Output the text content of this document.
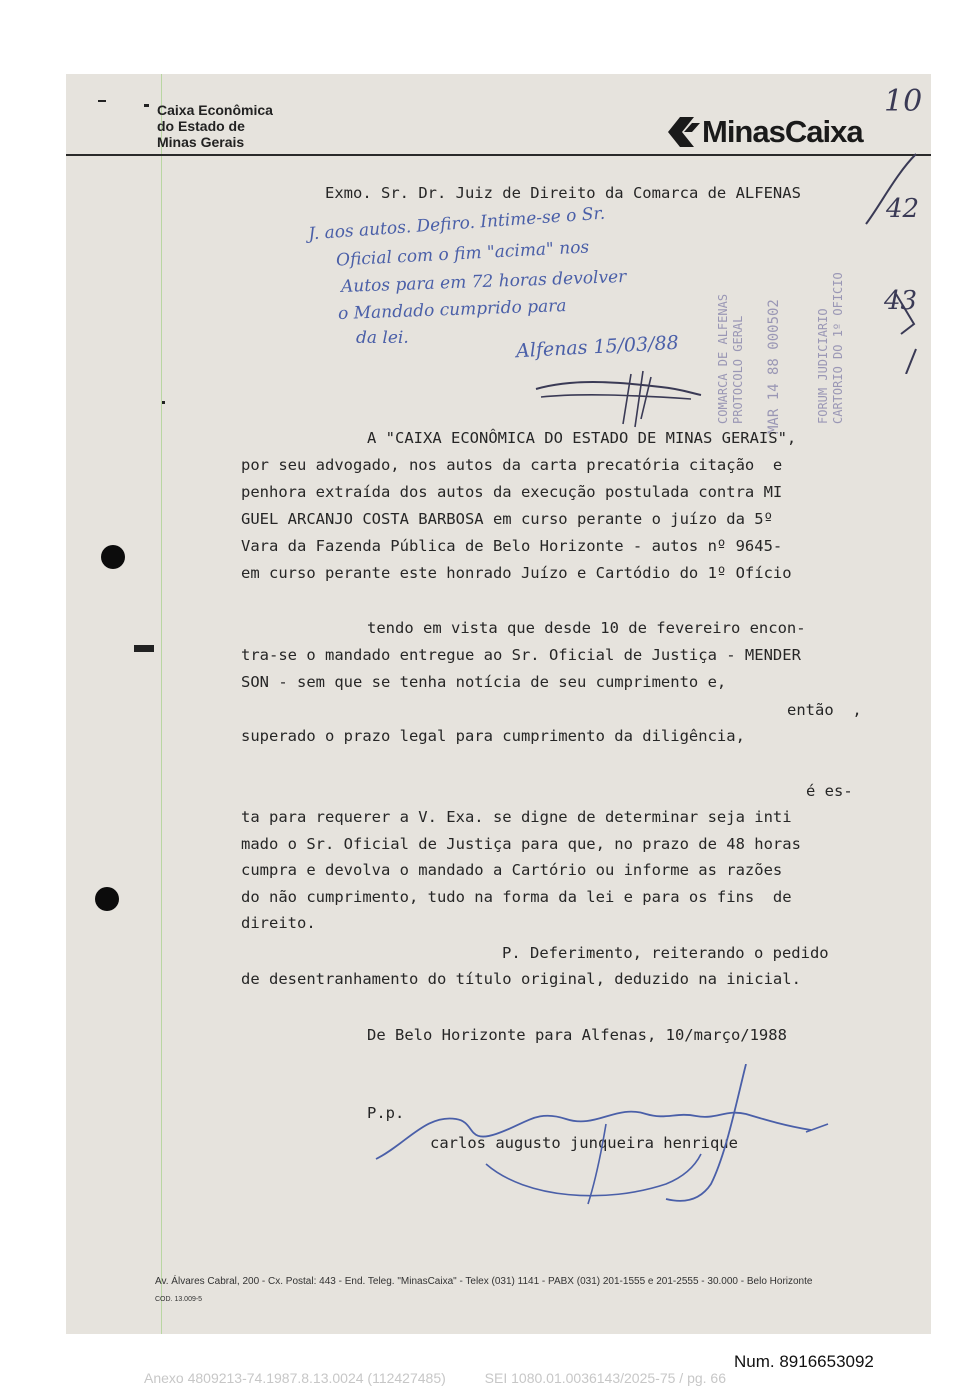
Caixa Econômica
do Estado de
Minas Gerais	MinasCaixa
Exmo. Sr. Dr. Juiz de Direito da Comarca de ALFENAS
J. aos autos. Defiro. Intime-se o Sr.
Oficial com o fim "acima" nos
Autos para em 72 horas devolver
o Mandado cumprido para
da lei.	Alfenas 15/03/88
10
42
43
COMARCA DE ALFENAS PROTOCOLO GERAL MAR 14 88 000502	FORUM JUDICIARIO CARTORIO DO 1º OFICIO
A "CAIXA ECONÔMICA DO ESTADO DE MINAS GERAIS",
por seu advogado, nos autos da carta precatória citação  e
penhora extraída dos autos da execução postulada contra MI
GUEL ARCANJO COSTA BARBOSA em curso perante o juízo da 5º
Vara da Fazenda Pública de Belo Horizonte - autos nº 9645-
em curso perante este honrado Juízo e Cartódio do 1º Ofício
tendo em vista que desde 10 de fevereiro encon-
tra-se o mandado entregue ao Sr. Oficial de Justiça - MENDER
SON - sem que se tenha notícia de seu cumprimento e,
então  ,
superado o prazo legal para cumprimento da diligência,
é es-
ta para requerer a V. Exa. se digne de determinar seja inti
mado o Sr. Oficial de Justiça para que, no prazo de 48 horas
cumpra e devolva o mandado a Cartório ou informe as razões
do não cumprimento, tudo na forma da lei e para os fins  de
direito.
P. Deferimento, reiterando o pedido
de desentranhamento do título original, deduzido na inicial.
De Belo Horizonte para Alfenas, 10/março/1988
P.p.
carlos augusto junqueira henrique
Av. Álvares Cabral, 200 - Cx. Postal: 443 - End. Teleg. "MinasCaixa" - Telex (031) 1141 - PABX (031) 201-1555 e 201-2555 - 30.000 - Belo Horizonte
COD. 13.009-5
Num. 8916653092
Anexo 4809213-74.1987.8.13.0024 (112427485)          SEI 1080.01.0036143/2025-75 / pg. 66
